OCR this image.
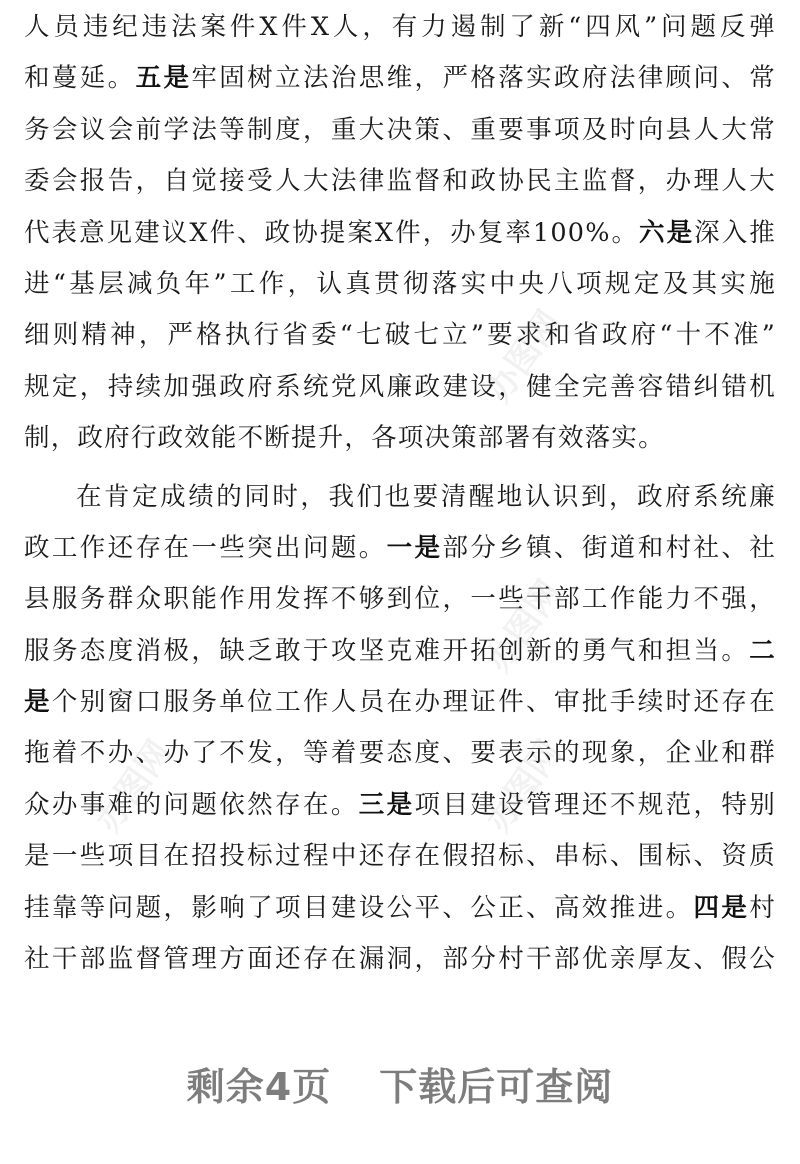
人员违纪违法案件X件X人，有力遏制了新“四风”问题反弹
和蔓延。五是牢固树立法治思维，严格落实政府法律顾问、常
务会议会前学法等制度，重大决策、重要事项及时向县人大常
委会报告，自觉接受人大法律监督和政协民主监督，办理人大
代表意见建议X件、政协提案X件，办复率100%。六是深入推
进“基层减负年”工作，认真贯彻落实中央八项规定及其实施
细则精神，严格执行省委“七破七立”要求和省政府“十不准”
规定，持续加强政府系统党风廉政建设，健全完善容错纠错机
制，政府行政效能不断提升，各项决策部署有效落实。
在肯定成绩的同时，我们也要清醒地认识到，政府系统廉
政工作还存在一些突出问题。一是部分乡镇、街道和村社、社
县服务群众职能作用发挥不够到位，一些干部工作能力不强，
服务态度消极，缺乏敢于攻坚克难开拓创新的勇气和担当。二
是个别窗口服务单位工作人员在办理证件、审批手续时还存在
拖着不办、办了不发，等着要态度、要表示的现象，企业和群
众办事难的问题依然存在。三是项目建设管理还不规范，特别
是一些项目在招投标过程中还存在假招标、串标、围标、资质
挂靠等问题，影响了项目建设公平、公正、高效推进。四是村
社干部监督管理方面还存在漏洞，部分村干部优亲厚友、假公
剩余4页 下载后可查阅
办图网
办图网
办图网	办图网
